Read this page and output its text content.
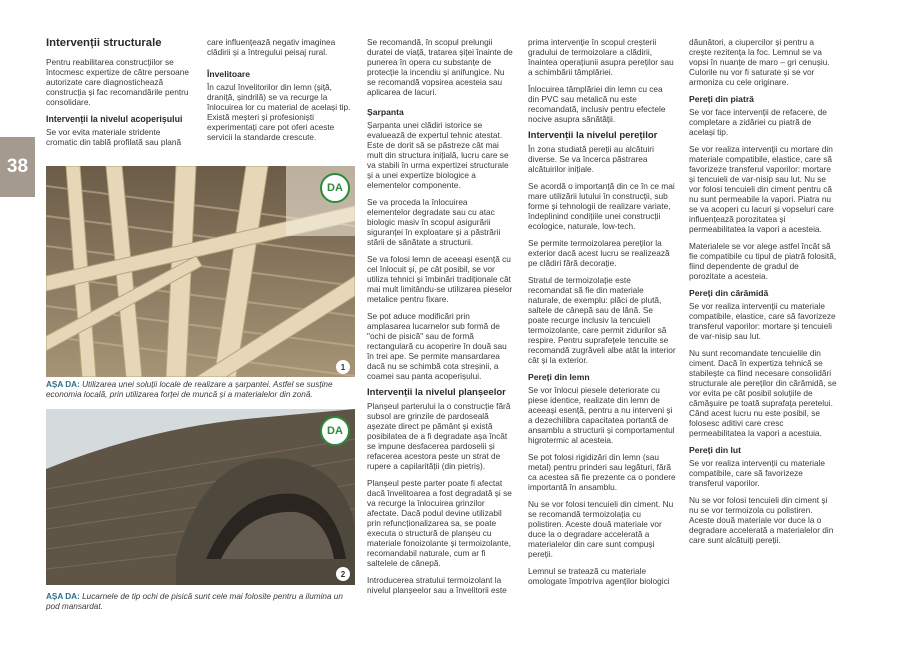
38
Intervenții structurale

Pentru reabilitarea construcțiilor se întocmesc expertize de către persoane autorizate care diagnostichează construcția și fac recomandările pentru consolidare.

Intervenții la nivelul acoperișului

Se vor evita materiale stridente cromatic din tablă profilată sau plană

care influențează negativ imaginea clădirii și a întregului peisaj rural.

Învelitoare

În cazul învelitorilor din lemn (șiță, draniță, șindrilă) se va recurge la înlocuirea lor cu material de același tip. Există meșteri și profesioniști experimentați care pot oferi aceste servicii la standarde crescute.

DA
1
AȘA DA: Utilizarea unei soluții locale de realizare a șarpantei. Astfel se susține economia locală, prin utilizarea forței de muncă și a materialelor din zonă.
DA
2
AȘA DA: Lucarnele de tip ochi de pisică sunt cele mai folosite pentru a ilumina un pod mansardat.

Se recomandă, în scopul prelungii duratei de viață, tratarea șiței înainte de punerea în opera cu substanțe de protecție la incendiu și anifungice. Nu se recomandă vopsirea acesteia sau aplicarea de lacuri.

Șarpanta

Șarpanta unei clădiri istorice se evaluează de expertul tehnic atestat. Este de dorit să se păstreze cât mai mult din structura inițială, lucru care se va stabili în urma expertizei structurale și a unei expertize biologice a elementelor componente.

Se va proceda la înlocuirea elementelor degradate sau cu atac biologic masiv în scopul asigurării siguranței în exploatare și a păstrării stării de sănătate a structurii.

Se va folosi lemn de aceeași esență cu cel înlocuit și, pe cât posibil, se vor utiliza tehnici și îmbinări tradiționale cât mai mult limitându-se utilizarea pieselor metalice pentru fixare.

Se pot aduce modificări prin amplasarea lucarnelor sub formă de "ochi de pisică" sau de formă rectangulară cu acoperire în două sau în trei ape. Se permite mansardarea dacă nu se schimbă cota streșinii, a coamei sau panta acoperișului.

Intervenții la nivelul planșeelor

Planșeul parterului la o construcție fără subsol are grinzile de pardoseală așezate direct pe pământ și există posibilatea de a fi degradate așa încât se impune desfacerea pardoselii și refacerea acestora peste un strat de rupere a capilarității (din pietriș).

Planșeul peste parter poate fi afectat dacă învelitoarea a fost degradată și se va recurge la înlocuirea grinzilor afectate. Dacă podul devine utilizabil prin refuncționalizarea sa, se poate executa o structură de planșeu cu materiale fonoizolante și termoizolante, recomandabil naturale, cum ar fi saltelele de cânepă.

Introducerea stratului termoizolant la nivelul planșeelor sau a învelitorii este

prima intervenție în scopul creșterii gradului de termoizolare a clădirii, înaintea operațiunii asupra pereților sau a schimbării tâmplăriei.

Înlocuirea tâmplăriei din lemn cu cea din PVC sau metalică nu este recomandată, inclusiv pentru efectele nocive asupra sănătății.

Intervenții la nivelul pereților

În zona studiată pereții au alcătuiri diverse. Se va încerca păstrarea alcătuirilor inițiale.

Se acordă o importanță din ce în ce mai mare utilizării lutului în construcții, sub forme și tehnologii de realizare variate, îndeplinind condițiile unei construcții ecologice, naturale, low-tech.

Se permite termoizolarea pereților la exterior dacă acest lucru se realizează pe clădiri fără decorație.

Stratul de termoizolație este recomandat să fie din materiale naturale, de exemplu: plăci de plută, saltele de cânepă sau de lână. Se poate recurge inclusiv la tencuieli termoizolante, care permit zidurilor să respire. Pentru suprafețele tencuite se recomandă zugrăveli albe atât la interior cât și la exterior.

Pereți din lemn

Se vor înlocui piesele deteriorate cu piese identice, realizate din lemn de aceeași esență, pentru a nu interveni și a dezechilibra capacitatea portantă de ansamblu a structurii și comportamentul higrotermic al acesteia.

Se pot folosi rigidizări din lemn (sau metal) pentru prinderi sau legături, fără ca acestea să fie prezente ca o pondere importantă în ansamblu.

Nu se vor folosi tencuieli din ciment. Nu se recomandă termoizolația cu polistiren. Aceste două materiale vor duce la o degradare accelerată a materialelor din care sunt compuși pereții.

Lemnul se tratează cu materiale omologate împotriva agenților biologici

dăunători, a ciupercilor și pentru a crește rezitența la foc. Lemnul se va vopsi în nuanțe de maro – gri cenușiu. Culorile nu vor fi saturate și se vor armoniza cu cele originare.

Pereți din piatră

Se vor face intervenții de refacere, de completare a zidăriei cu piatră de același tip.

Se vor realiza intervenții cu mortare din materiale compatibile, elastice, care să favorizeze transferul vaporilor: mortare și tencuieli de var-nisip sau lut. Nu se vor folosi tencuieli din ciment pentru că nu sunt permeabile la vapori. Piatra nu se va acoperi cu lacuri și vopseluri care influențează porozitatea și permeabilitatea la vapori a acesteia.

Materialele se vor alege astfel încât să fie compatibile cu tipul de piatră folosită, fiind dependente de gradul de porozitate a acesteia.

Pereți din cărămidă

Se vor realiza intervenții cu materiale compatibile, elastice, care să favorizeze transferul vaporilor: mortare și tencuieli de var-nisip sau lut.

Nu sunt recomandate tencuielile din ciment. Dacă în expertiza tehnică se stabilește ca fiind necesare consolidări structurale ale pereților din cărămidă, se vor evita pe cât posibil soluțiile de cămășuire pe toată suprafața peretelui. Când acest lucru nu este posibil, se folosesc aditivi care cresc permeabilitatea la vapori a acestuia.

Pereți din lut

Se vor realiza intervenții cu materiale compatibile, care să favorizeze transferul vaporilor.

Nu se vor folosi tencuieli din ciment și nu se vor termoizola cu polistiren. Aceste două materiale vor duce la o degradare accelerată a materialelor din care sunt alcătuiți pereții.
